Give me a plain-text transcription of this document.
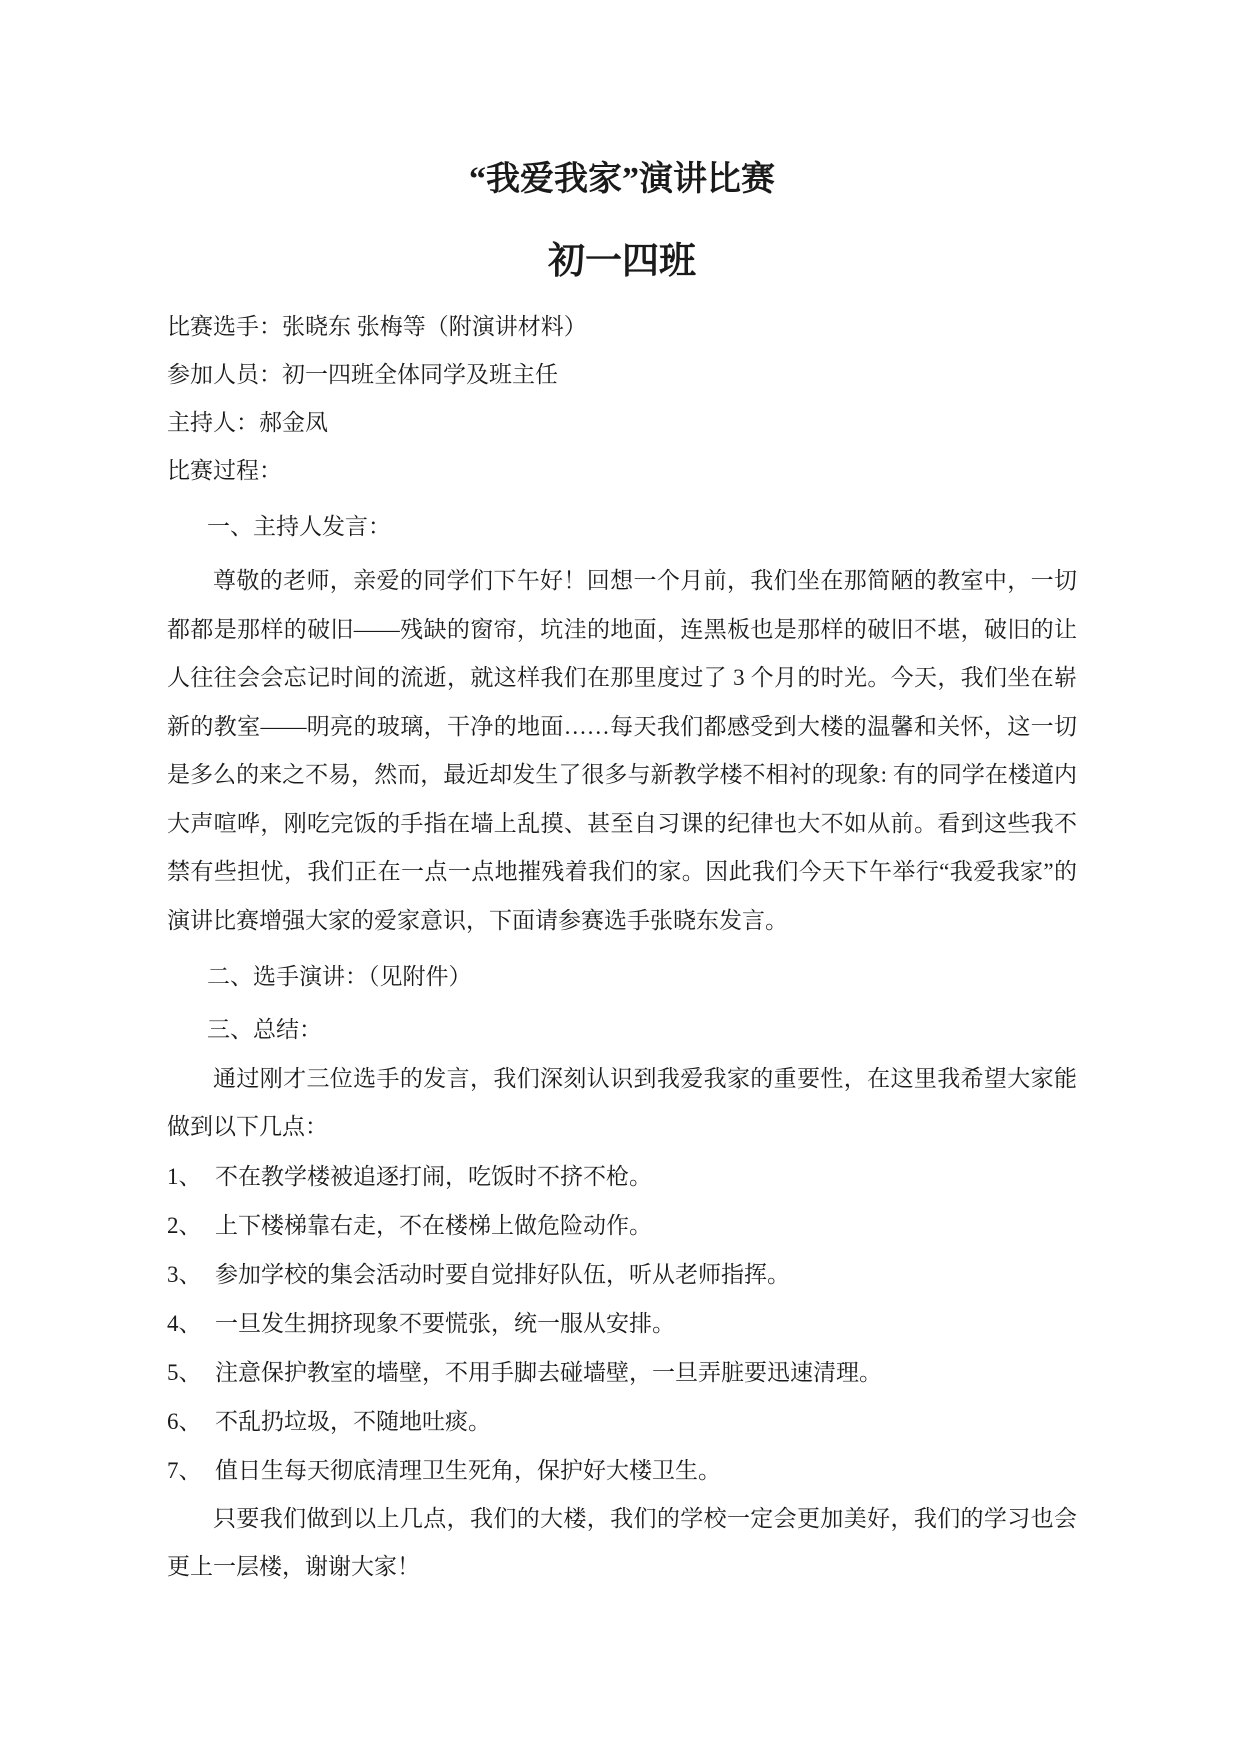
“我爱我家”演讲比赛
初一四班

比赛选手：张晓东 张梅等（附演讲材料）

参加人员：初一四班全体同学及班主任

主持人：郝金凤

比赛过程：

一、主持人发言：

尊敬的老师，亲爱的同学们下午好！回想一个月前，我们坐在那简陋的教室中，一切都都是那样的破旧——残缺的窗帘，坑洼的地面，连黑板也是那样的破旧不堪，破旧的让人往往会会忘记时间的流逝，就这样我们在那里度过了 3 个月的时光。今天，我们坐在崭新的教室——明亮的玻璃，干净的地面……每天我们都感受到大楼的温馨和关怀，这一切是多么的来之不易，然而，最近却发生了很多与新教学楼不相衬的现象: 有的同学在楼道内大声喧哗，刚吃完饭的手指在墙上乱摸、甚至自习课的纪律也大不如从前。看到这些我不禁有些担忧，我们正在一点一点地摧残着我们的家。因此我们今天下午举行“我爱我家”的演讲比赛增强大家的爱家意识，下面请参赛选手张晓东发言。

二、选手演讲：（见附件）

三、总结：

通过刚才三位选手的发言，我们深刻认识到我爱我家的重要性，在这里我希望大家能做到以下几点：

1、 不在教学楼被追逐打闹，吃饭时不挤不枪。

2、 上下楼梯靠右走，不在楼梯上做危险动作。

3、 参加学校的集会活动时要自觉排好队伍，听从老师指挥。

4、 一旦发生拥挤现象不要慌张，统一服从安排。

5、 注意保护教室的墙壁，不用手脚去碰墙壁，一旦弄脏要迅速清理。

6、 不乱扔垃圾，不随地吐痰。

7、 值日生每天彻底清理卫生死角，保护好大楼卫生。

只要我们做到以上几点，我们的大楼，我们的学校一定会更加美好，我们的学习也会更上一层楼，谢谢大家！
